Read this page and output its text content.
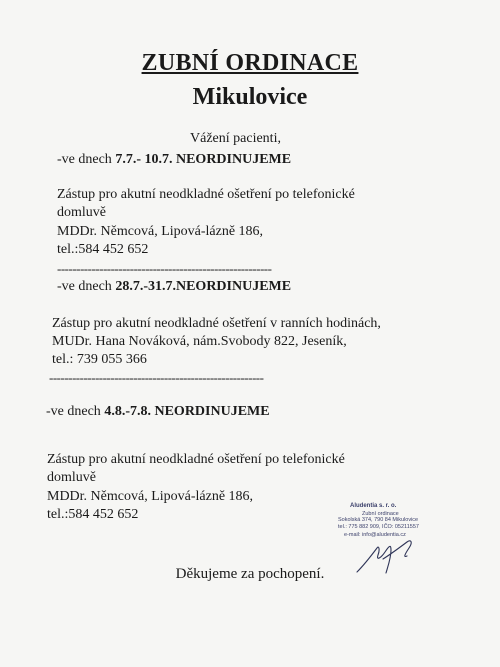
ZUBNÍ ORDINACE
Mikulovice
Vážení pacienti,
-ve dnech 7.7.- 10.7. NEORDINUJEME
Zástup pro akutní neodkladné ošetření po telefonické
domluvě
MDDr. Němcová, Lipová-lázně 186,
tel.:584 452 652
--------------------------------------------------------
-ve dnech 28.7.-31.7.NEORDINUJEME
Zástup pro akutní neodkladné ošetření v ranních hodinách,
MUDr. Hana Nováková, nám.Svobody 822, Jeseník,
tel.: 739 055 366
--------------------------------------------------------
-ve dnech 4.8.-7.8. NEORDINUJEME
Zástup pro akutní neodkladné ošetření po telefonické
domluvě
MDDr. Němcová, Lipová-lázně 186,
tel.:584 452 652
Aludentia s. r. o.
Zubní ordinace
Sokolská 374, 790 84 Mikulovice
tel.: 775 882 909, IČO: 05211557
e-mail: info@aludentia.cz
Děkujeme za pochopení.
